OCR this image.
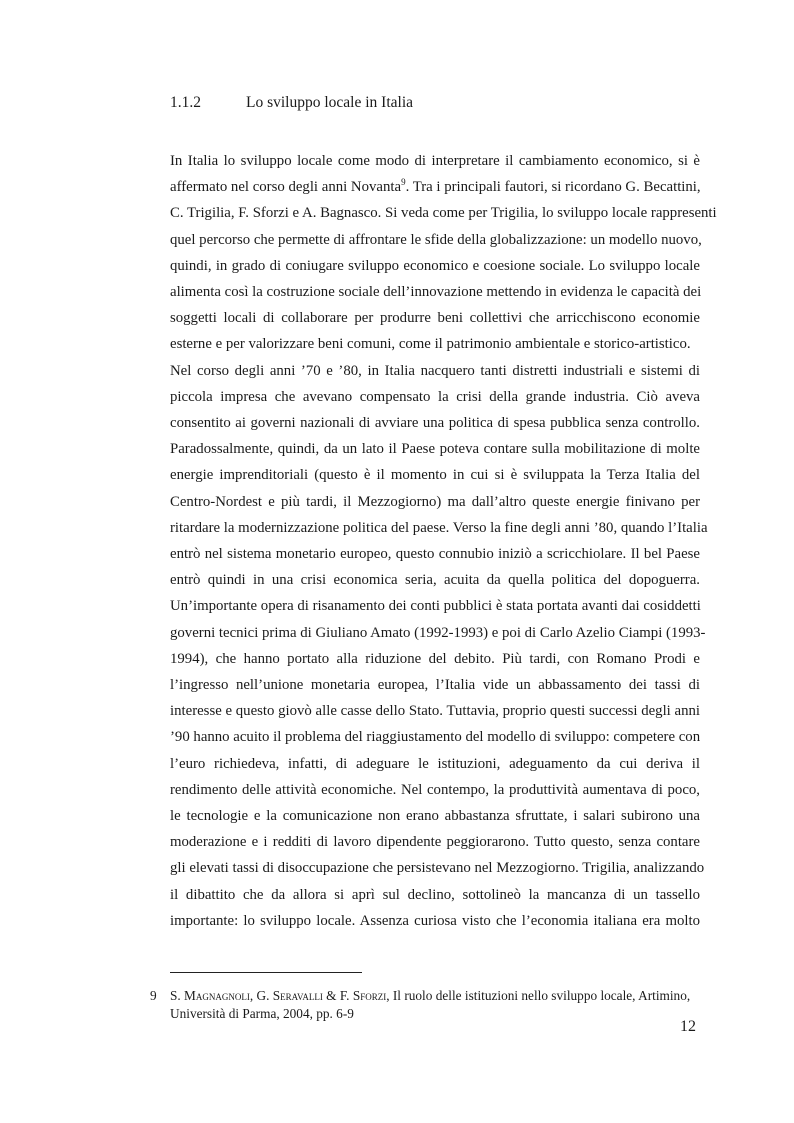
1.1.2	Lo sviluppo locale in Italia
In Italia lo sviluppo locale come modo di interpretare il cambiamento economico, si è
affermato nel corso degli anni Novanta$^9$. Tra i principali fautori, si ricordano G. Becattini,
C. Trigilia, F. Sforzi e A. Bagnasco. Si veda come per Trigilia, lo sviluppo locale rappresenti
quel percorso che permette di affrontare le sfide della globalizzazione: un modello nuovo,
quindi, in grado di coniugare sviluppo economico e coesione sociale. Lo sviluppo locale
alimenta così la costruzione sociale dell’innovazione mettendo in evidenza le capacità dei
soggetti locali di collaborare per produrre beni collettivi che arricchiscono economie
esterne e per valorizzare beni comuni, come il patrimonio ambientale e storico-artistico.
Nel corso degli anni ’70 e ’80, in Italia nacquero tanti distretti industriali e sistemi di
piccola impresa che avevano compensato la crisi della grande industria. Ciò aveva
consentito ai governi nazionali di avviare una politica di spesa pubblica senza controllo.
Paradossalmente, quindi, da un lato il Paese poteva contare sulla mobilitazione di molte
energie imprenditoriali (questo è il momento in cui si è sviluppata la Terza Italia del
Centro-Nordest e più tardi, il Mezzogiorno) ma dall’altro queste energie finivano per
ritardare la modernizzazione politica del paese. Verso la fine degli anni ’80, quando l’Italia
entrò nel sistema monetario europeo, questo connubio iniziò a scricchiolare. Il bel Paese
entrò quindi in una crisi economica seria, acuita da quella politica del dopoguerra.
Un’importante opera di risanamento dei conti pubblici è stata portata avanti dai cosiddetti
governi tecnici prima di Giuliano Amato (1992-1993) e poi di Carlo Azelio Ciampi (1993-
1994), che hanno portato alla riduzione del debito. Più tardi, con Romano Prodi e
l’ingresso nell’unione monetaria europea, l’Italia vide un abbassamento dei tassi di
interesse e questo giovò alle casse dello Stato. Tuttavia, proprio questi successi degli anni
’90 hanno acuito il problema del riaggiustamento del modello di sviluppo: competere con
l’euro richiedeva, infatti, di adeguare le istituzioni, adeguamento da cui deriva il
rendimento delle attività economiche. Nel contempo, la produttività aumentava di poco,
le tecnologie e la comunicazione non erano abbastanza sfruttate, i salari subirono una
moderazione e i redditi di lavoro dipendente peggiorarono. Tutto questo, senza contare
gli elevati tassi di disoccupazione che persistevano nel Mezzogiorno. Trigilia, analizzando
il dibattito che da allora si aprì sul declino, sottolineò la mancanza di un tassello
importante: lo sviluppo locale. Assenza curiosa visto che l’economia italiana era molto
9 S. Magnagnoli, G. Seravalli & F. Sforzi, Il ruolo delle istituzioni nello sviluppo locale, Artimino,
Università di Parma, 2004, pp. 6-9
12
